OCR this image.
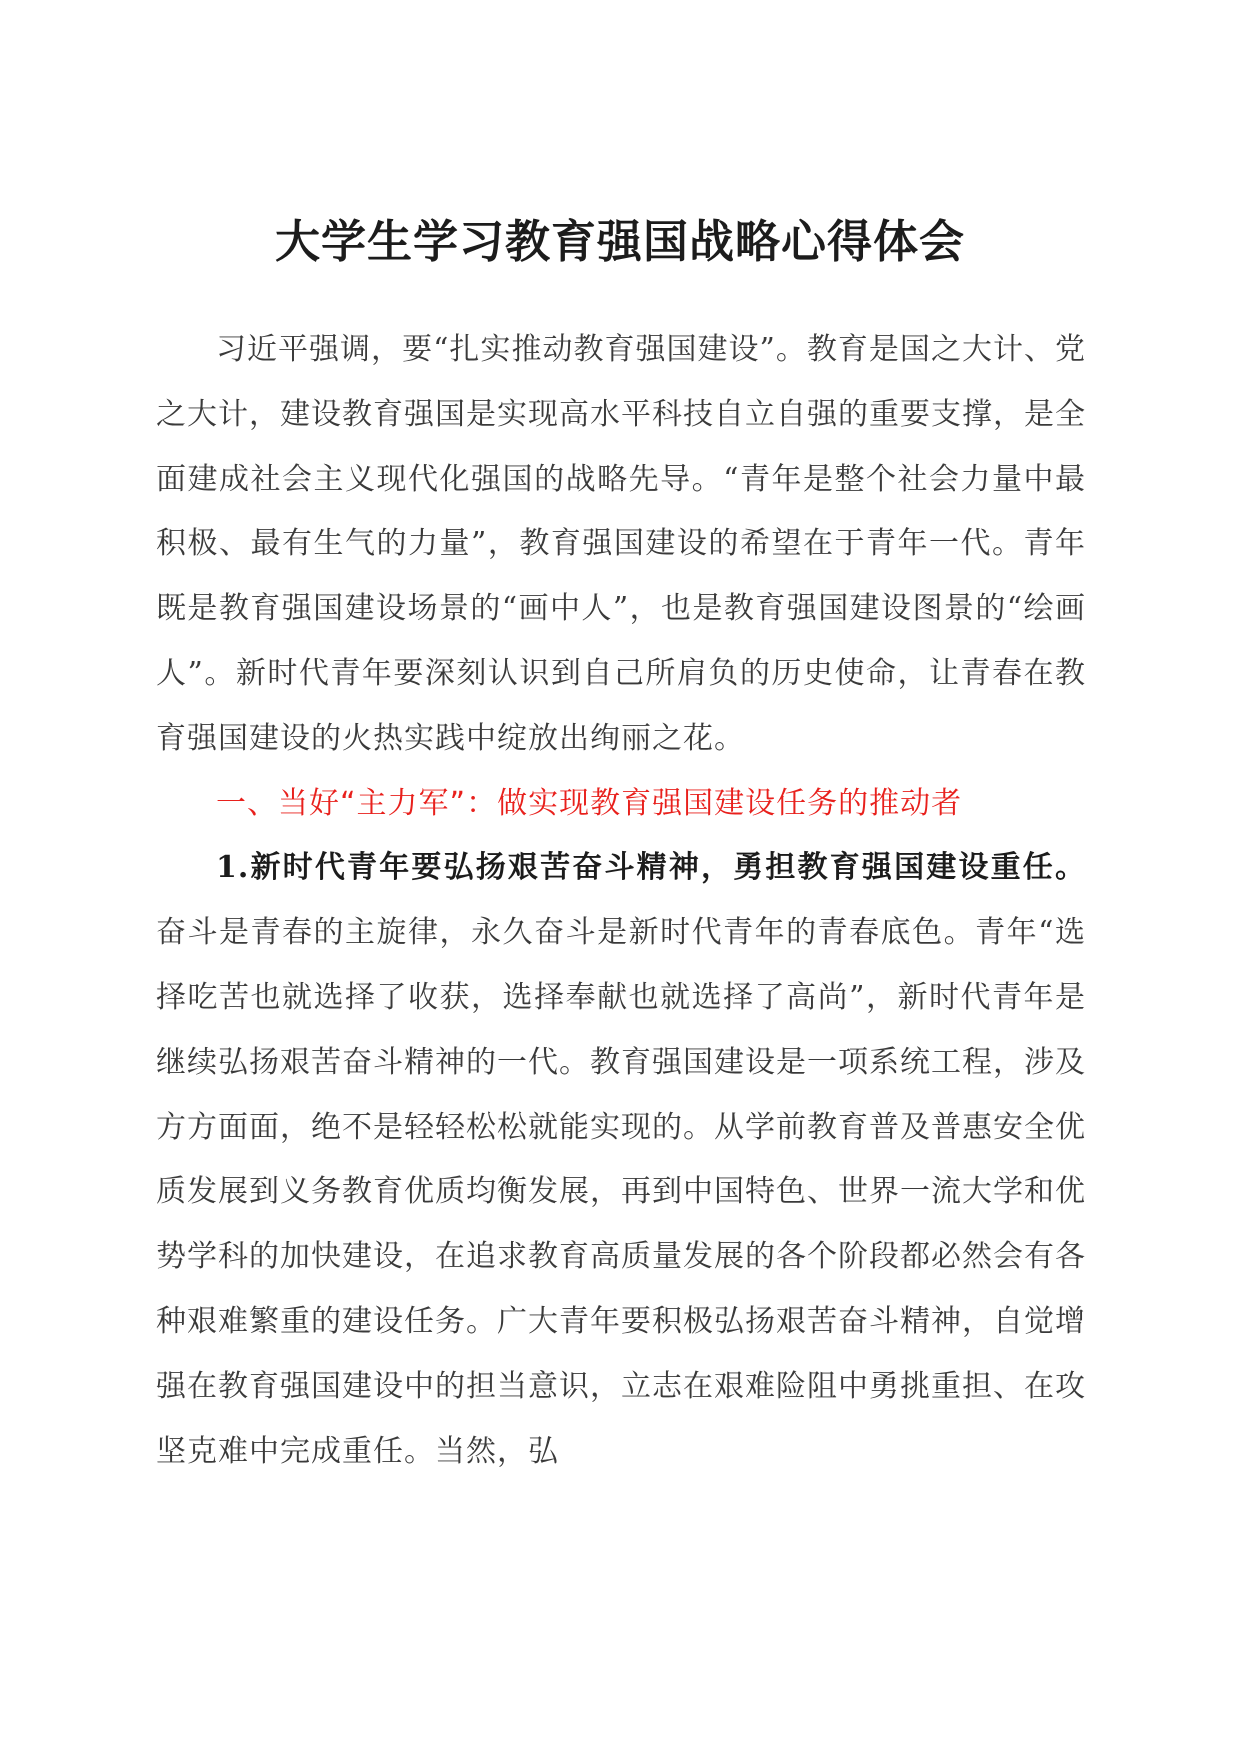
大学生学习教育强国战略心得体会

习近平强调，要“扎实推动教育强国建设”。教育是国之大计、党之大计，建设教育强国是实现高水平科技自立自强的重要支撑，是全面建成社会主义现代化强国的战略先导。“青年是整个社会力量中最积极、最有生气的力量”，教育强国建设的希望在于青年一代。青年既是教育强国建设场景的“画中人”，也是教育强国建设图景的“绘画人”。新时代青年要深刻认识到自己所肩负的历史使命，让青春在教育强国建设的火热实践中绽放出绚丽之花。

一、当好“主力军”：做实现教育强国建设任务的推动者

1.新时代青年要弘扬艰苦奋斗精神，勇担教育强国建设重任。奋斗是青春的主旋律，永久奋斗是新时代青年的青春底色。青年“选择吃苦也就选择了收获，选择奉献也就选择了高尚”，新时代青年是继续弘扬艰苦奋斗精神的一代。教育强国建设是一项系统工程，涉及方方面面，绝不是轻轻松松就能实现的。从学前教育普及普惠安全优质发展到义务教育优质均衡发展，再到中国特色、世界一流大学和优势学科的加快建设，在追求教育高质量发展的各个阶段都必然会有各种艰难繁重的建设任务。广大青年要积极弘扬艰苦奋斗精神，自觉增强在教育强国建设中的担当意识，立志在艰难险阻中勇挑重担、在攻坚克难中完成重任。当然，弘
